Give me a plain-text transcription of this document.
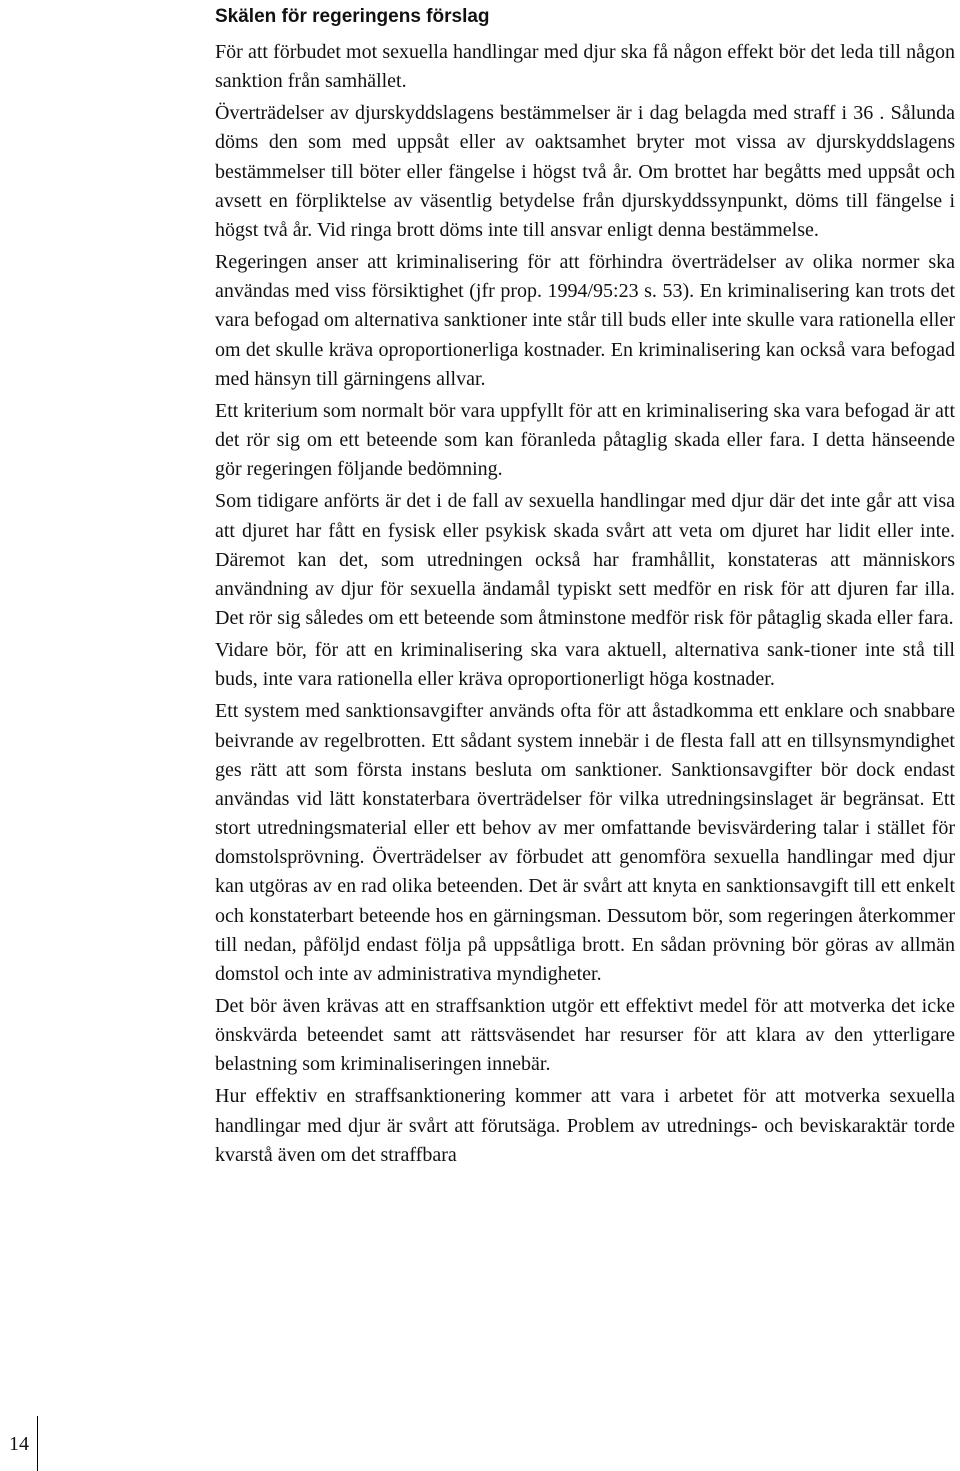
14
Skälen för regeringens förslag

För att förbudet mot sexuella handlingar med djur ska få någon effekt bör det leda till någon sanktion från samhället.

Överträdelser av djurskyddslagens bestämmelser är i dag belagda med straff i 36 . Sålunda döms den som med uppsåt eller av oaktsamhet bryter mot vissa av djurskyddslagens bestämmelser till böter eller fängelse i högst två år. Om brottet har begåtts med uppsåt och avsett en förpliktelse av väsentlig betydelse från djurskyddssynpunkt, döms till fängelse i högst två år. Vid ringa brott döms inte till ansvar enligt denna bestämmelse.

Regeringen anser att kriminalisering för att förhindra överträdelser av olika normer ska användas med viss försiktighet (jfr prop. 1994/95:23 s. 53). En kriminalisering kan trots det vara befogad om alternativa sanktioner inte står till buds eller inte skulle vara rationella eller om det skulle kräva oproportionerliga kostnader. En kriminalisering kan också vara befogad med hänsyn till gärningens allvar.

Ett kriterium som normalt bör vara uppfyllt för att en kriminalisering ska vara befogad är att det rör sig om ett beteende som kan föranleda påtaglig skada eller fara. I detta hänseende gör regeringen följande bedömning.

Som tidigare anförts är det i de fall av sexuella handlingar med djur där det inte går att visa att djuret har fått en fysisk eller psykisk skada svårt att veta om djuret har lidit eller inte. Däremot kan det, som utredningen också har framhållit, konstateras att människors användning av djur för sexuella ändamål typiskt sett medför en risk för att djuren far illa. Det rör sig således om ett beteende som åtminstone medför risk för påtaglig skada eller fara.

Vidare bör, för att en kriminalisering ska vara aktuell, alternativa sank-tioner inte stå till buds, inte vara rationella eller kräva oproportionerligt höga kostnader.

Ett system med sanktionsavgifter används ofta för att åstadkomma ett enklare och snabbare beivrande av regelbrotten. Ett sådant system innebär i de flesta fall att en tillsynsmyndighet ges rätt att som första instans besluta om sanktioner. Sanktionsavgifter bör dock endast användas vid lätt konstaterbara överträdelser för vilka utredningsinslaget är begränsat. Ett stort utredningsmaterial eller ett behov av mer omfattande bevisvärdering talar i stället för domstolsprövning. Överträdelser av förbudet att genomföra sexuella handlingar med djur kan utgöras av en rad olika beteenden. Det är svårt att knyta en sanktionsavgift till ett enkelt och konstaterbart beteende hos en gärningsman. Dessutom bör, som regeringen återkommer till nedan, påföljd endast följa på uppsåtliga brott. En sådan prövning bör göras av allmän domstol och inte av administrativa myndigheter.

Det bör även krävas att en straffsanktion utgör ett effektivt medel för att motverka det icke önskvärda beteendet samt att rättsväsendet har resurser för att klara av den ytterligare belastning som kriminaliseringen innebär.

Hur effektiv en straffsanktionering kommer att vara i arbetet för att motverka sexuella handlingar med djur är svårt att förutsäga. Problem av utrednings- och beviskaraktär torde kvarstå även om det straffbara
